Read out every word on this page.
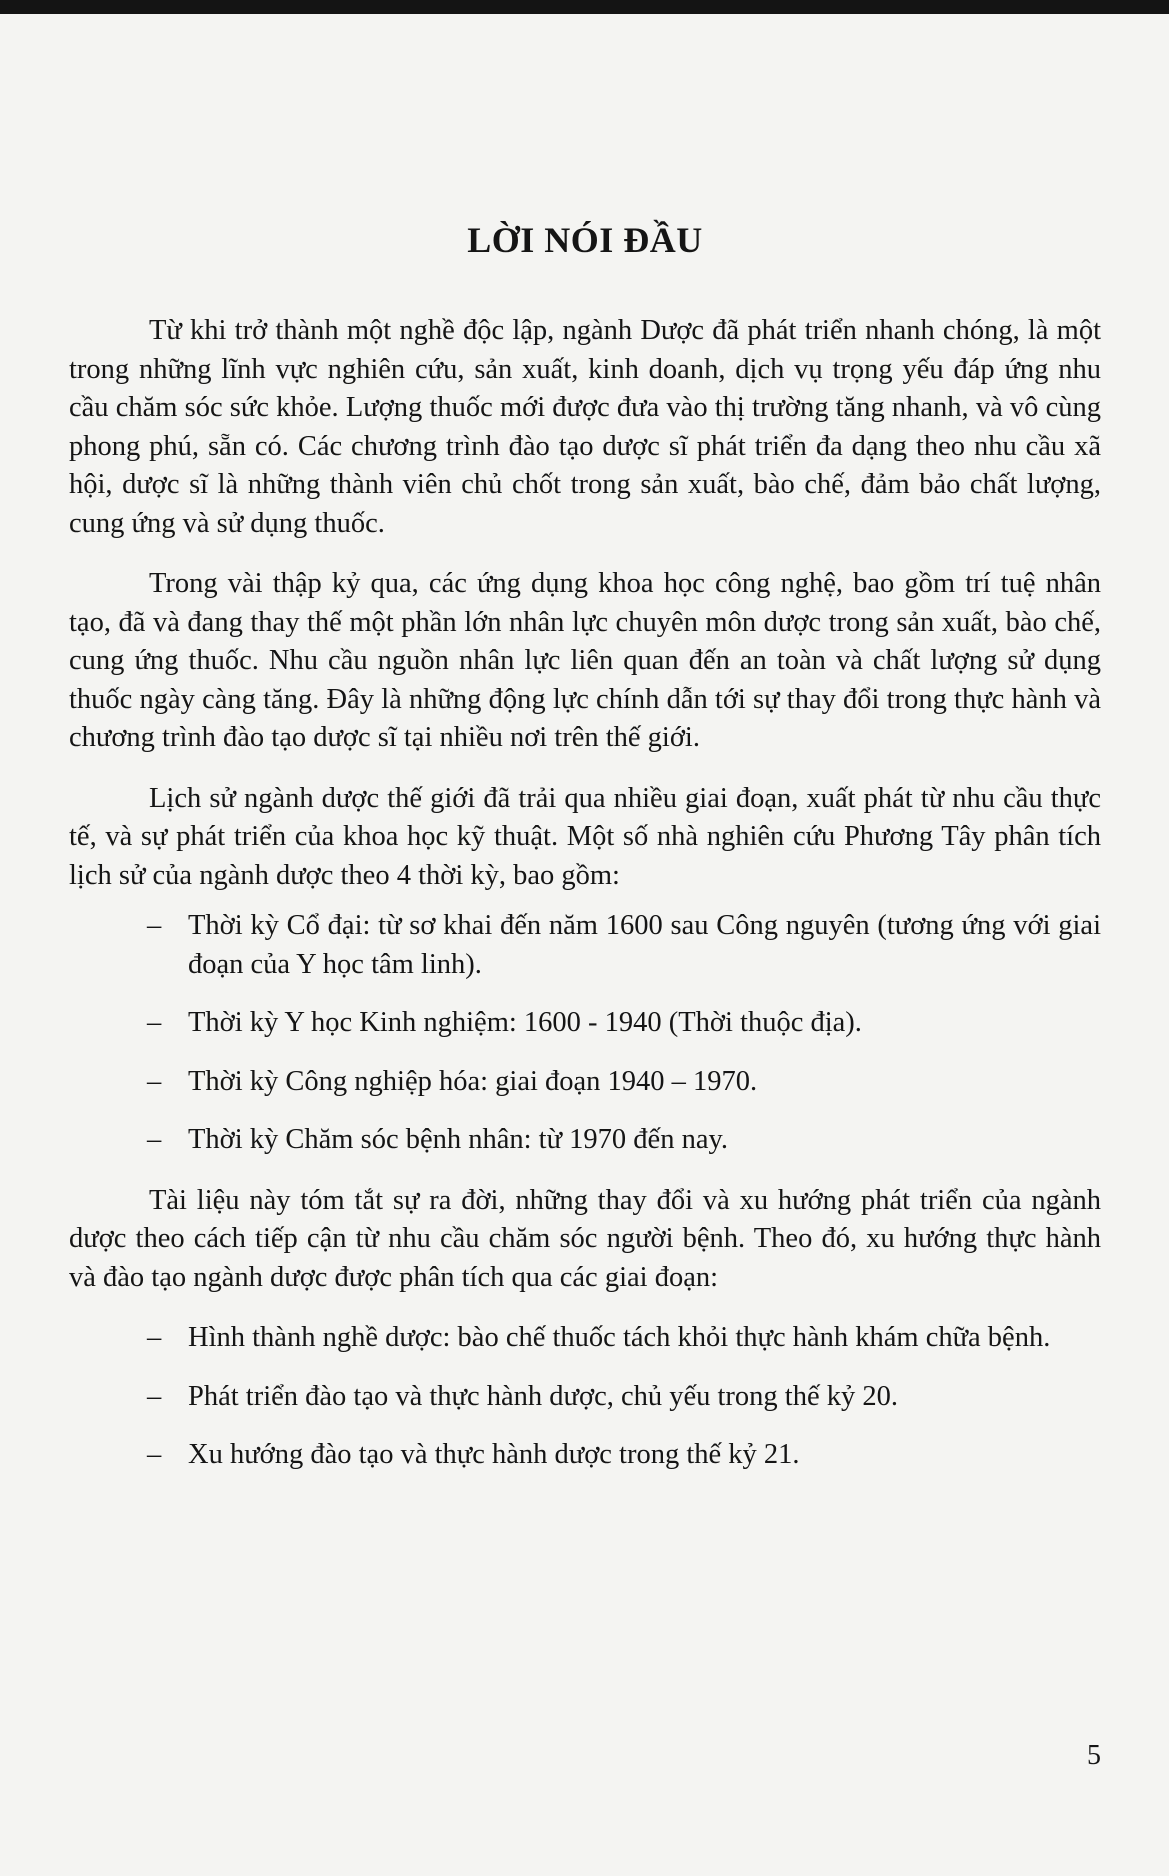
LỜI NÓI ĐẦU

Từ khi trở thành một nghề độc lập, ngành Dược đã phát triển nhanh chóng, là một trong những lĩnh vực nghiên cứu, sản xuất, kinh doanh, dịch vụ trọng yếu đáp ứng nhu cầu chăm sóc sức khỏe. Lượng thuốc mới được đưa vào thị trường tăng nhanh, và vô cùng phong phú, sẵn có. Các chương trình đào tạo dược sĩ phát triển đa dạng theo nhu cầu xã hội, dược sĩ là những thành viên chủ chốt trong sản xuất, bào chế, đảm bảo chất lượng, cung ứng và sử dụng thuốc.

Trong vài thập kỷ qua, các ứng dụng khoa học công nghệ, bao gồm trí tuệ nhân tạo, đã và đang thay thế một phần lớn nhân lực chuyên môn dược trong sản xuất, bào chế, cung ứng thuốc. Nhu cầu nguồn nhân lực liên quan đến an toàn và chất lượng sử dụng thuốc ngày càng tăng. Đây là những động lực chính dẫn tới sự thay đổi trong thực hành và chương trình đào tạo dược sĩ tại nhiều nơi trên thế giới.

Lịch sử ngành dược thế giới đã trải qua nhiều giai đoạn, xuất phát từ nhu cầu thực tế, và sự phát triển của khoa học kỹ thuật. Một số nhà nghiên cứu Phương Tây phân tích lịch sử của ngành dược theo 4 thời kỳ, bao gồm:

– Thời kỳ Cổ đại: từ sơ khai đến năm 1600 sau Công nguyên (tương ứng với giai đoạn của Y học tâm linh).
– Thời kỳ Y học Kinh nghiệm: 1600 - 1940 (Thời thuộc địa).
– Thời kỳ Công nghiệp hóa: giai đoạn 1940 – 1970.
– Thời kỳ Chăm sóc bệnh nhân: từ 1970 đến nay.

Tài liệu này tóm tắt sự ra đời, những thay đổi và xu hướng phát triển của ngành dược theo cách tiếp cận từ nhu cầu chăm sóc người bệnh. Theo đó, xu hướng thực hành và đào tạo ngành dược được phân tích qua các giai đoạn:

– Hình thành nghề dược: bào chế thuốc tách khỏi thực hành khám chữa bệnh.
– Phát triển đào tạo và thực hành dược, chủ yếu trong thế kỷ 20.
– Xu hướng đào tạo và thực hành dược trong thế kỷ 21.
5
